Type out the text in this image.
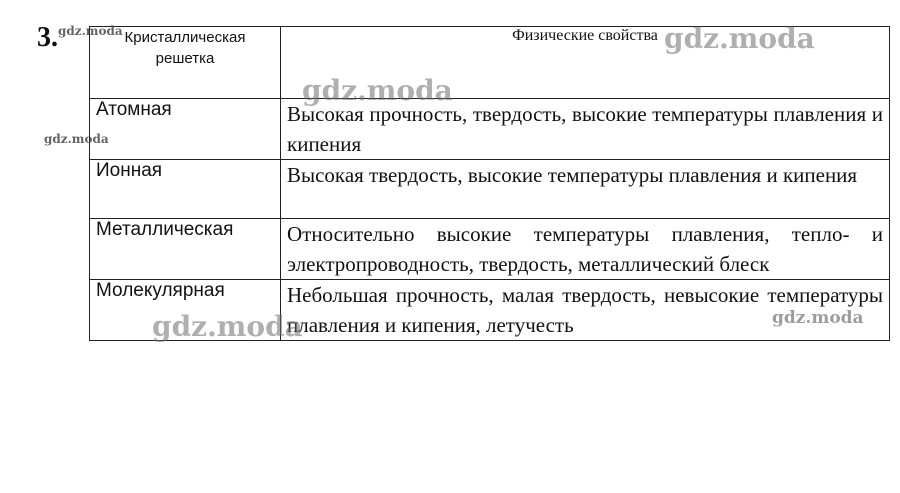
3.	Кристаллическая решетка	Физические свойства
Атомная	Высокая прочность, твердость, высокие температуры плавления и кипения
Ионная	Высокая твердость, высокие температуры плавления и кипения
Металлическая	Относительно высокие температуры плавления, тепло- и электропроводность, твердость, металлический блеск
Молекулярная	Небольшая прочность, малая твердость, невысокие температуры плавления и кипения, летучесть
gdz.moda	gdz.moda
gdz.moda
gdz.moda
gdz.moda	gdz.moda
